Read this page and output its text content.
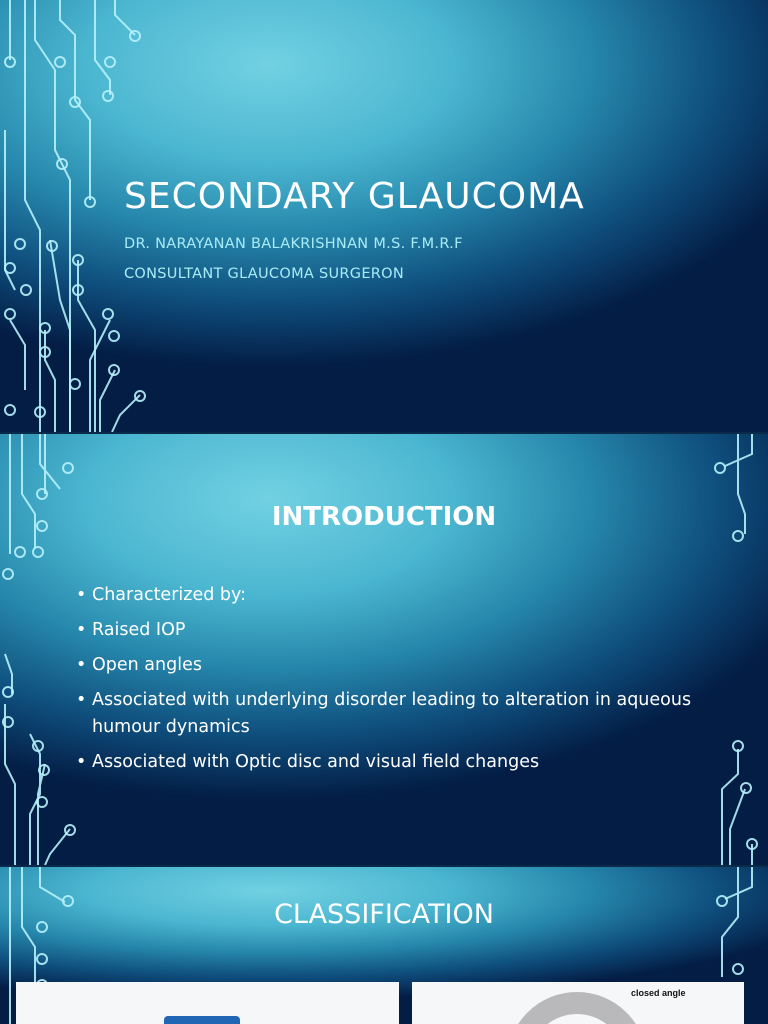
SECONDARY GLAUCOMA

DR. NARAYANAN BALAKRISHNAN M.S. F.M.R.F

CONSULTANT GLAUCOMA SURGERON

INTRODUCTION
• Characterized by:
• Raised IOP
• Open angles
• Associated with underlying disorder leading to alteration in aqueous humour dynamics
• Associated with Optic disc and visual field changes
CLASSIFICATION
closed angle
